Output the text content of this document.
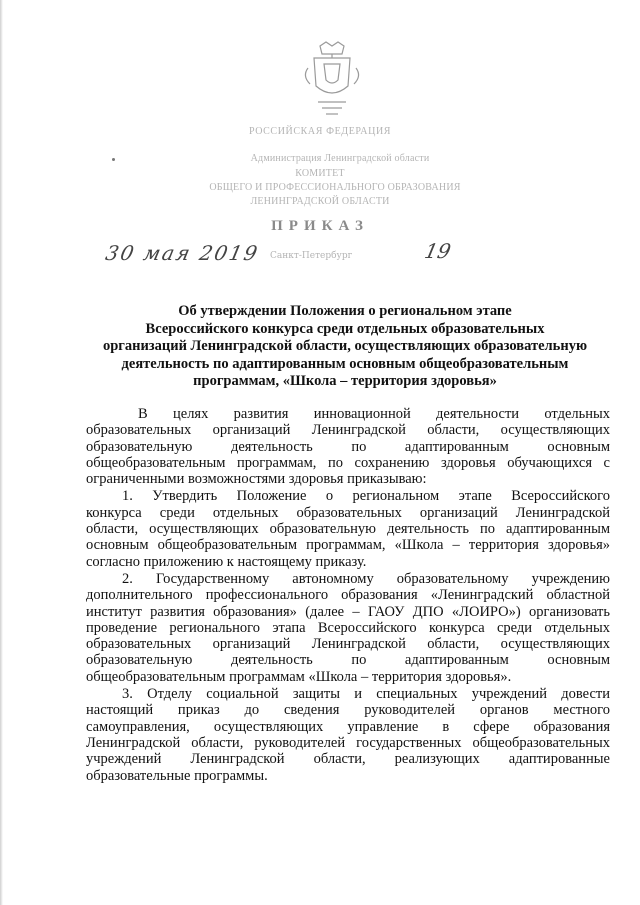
РОССИЙСКАЯ ФЕДЕРАЦИЯ
Администрация Ленинградской области
КОМИТЕТ
ОБЩЕГО И ПРОФЕССИОНАЛЬНОГО ОБРАЗОВАНИЯ
ЛЕНИНГРАДСКОЙ ОБЛАСТИ
ПРИКАЗ
30 мая 2019 Санкт-Петербург	19
Об утверждении Положения о региональном этапе
Всероссийского конкурса среди отдельных образовательных
организаций Ленинградской области, осуществляющих образовательную
деятельность по адаптированным основным общеобразовательным
программам, «Школа – территория здоровья»
В целях развития инновационной деятельности отдельных
образовательных организаций Ленинградской области, осуществляющих
образовательную деятельность по адаптированным основным
общеобразовательным программам, по сохранению здоровья обучающихся с
ограниченными возможностями здоровья приказываю:
1. Утвердить Положение о региональном этапе Всероссийского
конкурса среди отдельных образовательных организаций Ленинградской
области, осуществляющих образовательную деятельность по адаптированным
основным общеобразовательным программам, «Школа – территория здоровья»
согласно приложению к настоящему приказу.
2. Государственному автономному образовательному учреждению
дополнительного профессионального образования «Ленинградский областной
институт развития образования» (далее – ГАОУ ДПО «ЛОИРО») организовать
проведение регионального этапа Всероссийского конкурса среди отдельных
образовательных организаций Ленинградской области, осуществляющих
образовательную деятельность по адаптированным основным
общеобразовательным программам «Школа – территория здоровья».
3. Отделу социальной защиты и специальных учреждений довести
настоящий приказ до сведения руководителей органов местного
самоуправления, осуществляющих управление в сфере образования
Ленинградской области, руководителей государственных общеобразовательных
учреждений Ленинградской области, реализующих адаптированные
образовательные программы.
